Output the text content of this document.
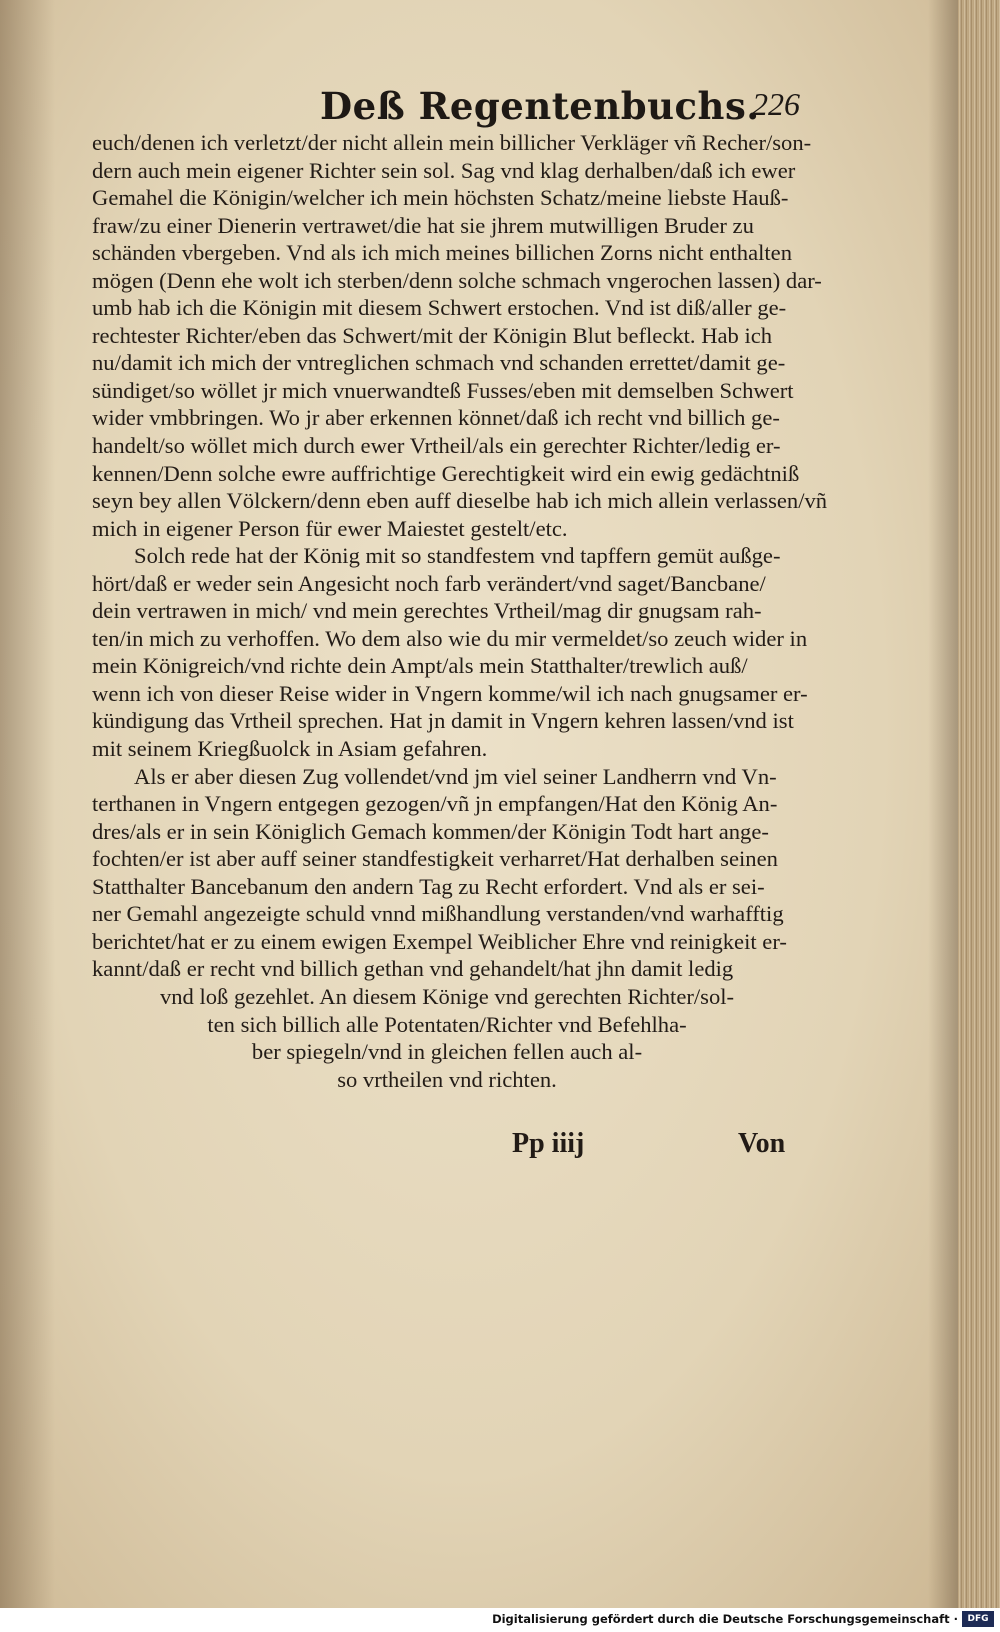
Deß Regentenbuchs.
226
euch/denen ich verletzt/der nicht allein mein billicher Verkläger vñ Recher/son-
dern auch mein eigener Richter sein sol. Sag vnd klag derhalben/daß ich ewer
Gemahel die Königin/welcher ich mein höchsten Schatz/meine liebste Hauß-
fraw/zu einer Dienerin vertrawet/die hat sie jhrem mutwilligen Bruder zu
schänden vbergeben. Vnd als ich mich meines billichen Zorns nicht enthalten
mögen (Denn ehe wolt ich sterben/denn solche schmach vngerochen lassen) dar-
umb hab ich die Königin mit diesem Schwert erstochen. Vnd ist diß/aller ge-
rechtester Richter/eben das Schwert/mit der Königin Blut befleckt. Hab ich
nu/damit ich mich der vntreglichen schmach vnd schanden errettet/damit ge-
sündiget/so wöllet jr mich vnuerwandteß Fusses/eben mit demselben Schwert
wider vmbbringen. Wo jr aber erkennen könnet/daß ich recht vnd billich ge-
handelt/so wöllet mich durch ewer Vrtheil/als ein gerechter Richter/ledig er-
kennen/Denn solche ewre auffrichtige Gerechtigkeit wird ein ewig gedächtniß
seyn bey allen Völckern/denn eben auff dieselbe hab ich mich allein verlassen/vñ
mich in eigener Person für ewer Maiestet gestelt/etc.
Solch rede hat der König mit so standfestem vnd tapffern gemüt außge-
hört/daß er weder sein Angesicht noch farb verändert/vnd saget/Bancbane/
dein vertrawen in mich/ vnd mein gerechtes Vrtheil/mag dir gnugsam rah-
ten/in mich zu verhoffen. Wo dem also wie du mir vermeldet/so zeuch wider in
mein Königreich/vnd richte dein Ampt/als mein Statthalter/trewlich auß/
wenn ich von dieser Reise wider in Vngern komme/wil ich nach gnugsamer er-
kündigung das Vrtheil sprechen. Hat jn damit in Vngern kehren lassen/vnd ist
mit seinem Kriegßuolck in Asiam gefahren.
Als er aber diesen Zug vollendet/vnd jm viel seiner Landherrn vnd Vn-
terthanen in Vngern entgegen gezogen/vñ jn empfangen/Hat den König An-
dres/als er in sein Königlich Gemach kommen/der Königin Todt hart ange-
fochten/er ist aber auff seiner standfestigkeit verharret/Hat derhalben seinen
Statthalter Bancebanum den andern Tag zu Recht erfordert. Vnd als er sei-
ner Gemahl angezeigte schuld vnnd mißhandlung verstanden/vnd warhafftig
berichtet/hat er zu einem ewigen Exempel Weiblicher Ehre vnd reinigkeit er-
kannt/daß er recht vnd billich gethan vnd gehandelt/hat jhn damit ledig
vnd loß gezehlet. An diesem Könige vnd gerechten Richter/sol-
ten sich billich alle Potentaten/Richter vnd Befehlha-
ber spiegeln/vnd in gleichen fellen auch al-
so vrtheilen vnd richten.
Pp iiij	Von
Digitalisierung gefördert durch die Deutsche Forschungsgemeinschaft ·	DFG
